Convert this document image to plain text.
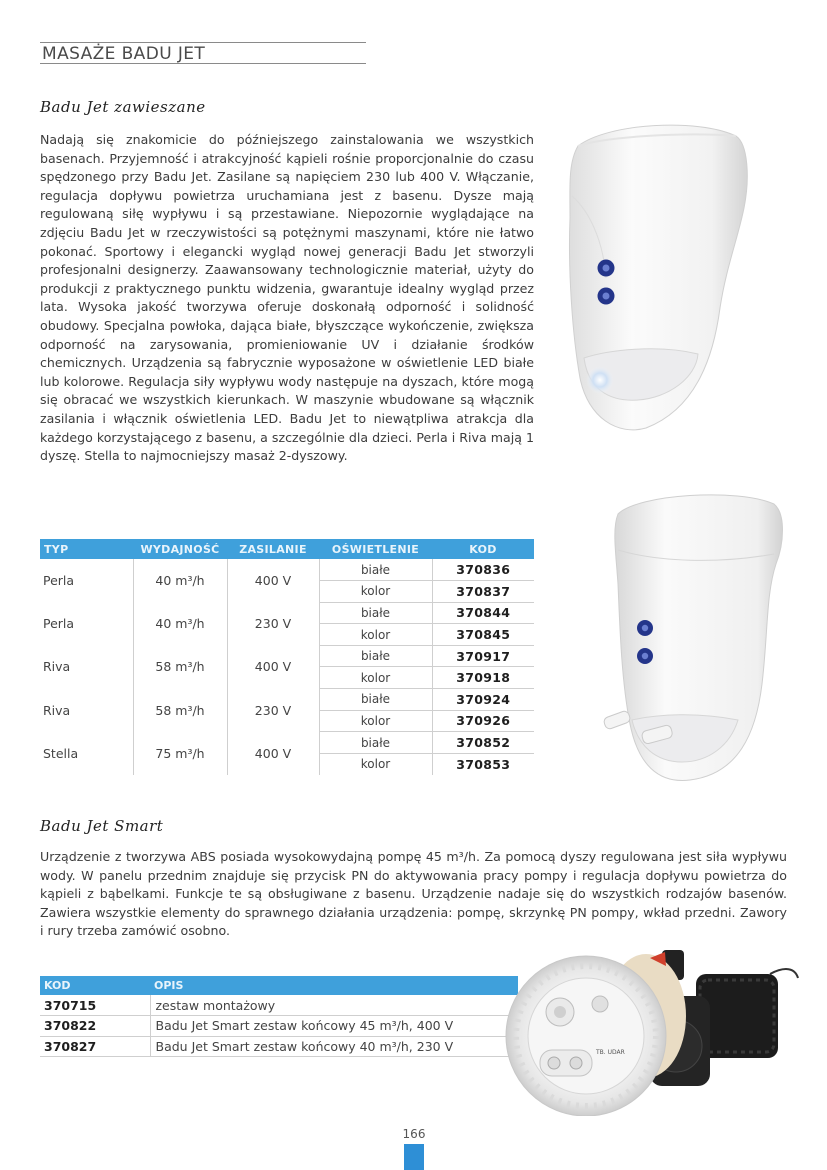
MASAŻE BADU JET
Badu Jet zawieszane

Nadają się znakomicie do późniejszego zainstalowania we wszystkich basenach. Przyjemność i atrakcyjność kąpieli rośnie proporcjonalnie do czasu spędzonego przy Badu Jet. Zasilane są napięciem 230 lub 400 V. Włączanie, regulacja dopływu powietrza uruchamiana jest z basenu. Dysze mają regulowaną siłę wypływu i są przestawiane. Niepozornie wyglądające na zdjęciu Badu Jet w rzeczywistości są potężnymi maszynami, które nie łatwo pokonać. Sportowy i elegancki wygląd nowej generacji Badu Jet stworzyli profesjonalni designerzy. Zaawansowany technologicznie materiał, użyty do produkcji z praktycznego punktu widzenia, gwarantuje idealny wygląd przez lata. Wysoka jakość tworzywa oferuje doskonałą odporność i solidność obudowy. Specjalna powłoka, dająca białe, błyszczące wykończenie, zwiększa odporność na zarysowania, promieniowanie UV i działanie środków chemicznych. Urządzenia są fabrycznie wyposażone w oświetlenie LED białe lub kolorowe. Regulacja siły wypływu wody następuje na dyszach, które mogą się obracać we wszystkich kierunkach. W maszynie wbudowane są włącznik zasilania i włącznik oświetlenia LED. Badu Jet to niewątpliwa atrakcja dla każdego korzystającego z basenu, a szczególnie dla dzieci. Perla i Riva mają 1 dyszę. Stella to najmocniejszy masaż 2-dyszowy.

TYP	WYDAJNOŚĆ	ZASILANIE	OŚWIETLENIE	KOD
Perla	40 m³/h	400 V	białe	370836
			kolor	370837
Perla	40 m³/h	230 V	białe	370844
			kolor	370845
Riva	58 m³/h	400 V	białe	370917
			kolor	370918
Riva	58 m³/h	230 V	białe	370924
			kolor	370926
Stella	75 m³/h	400 V	białe	370852
			kolor	370853
Badu Jet Smart

Urządzenie z tworzywa ABS posiada wysokowydajną pompę 45 m³/h. Za pomocą dyszy regulowana jest siła wypływu wody. W panelu przednim znajduje się przycisk PN do aktywowania pracy pompy i regulacja dopływu powietrza do kąpieli z bąbelkami. Funkcje te są obsługiwane z basenu. Urządzenie nadaje się do wszystkich rodzajów basenów. Zawiera wszystkie elementy do sprawnego działania urządzenia: pompę, skrzynkę PN pompy, wkład przedni. Zawory i rury trzeba zamówić osobno.

KOD	OPIS
370715	zestaw montażowy
370822	Badu Jet Smart zestaw końcowy 45 m³/h, 400 V
370827	Badu Jet Smart zestaw końcowy 40 m³/h, 230 V	TB. UDAR
166
